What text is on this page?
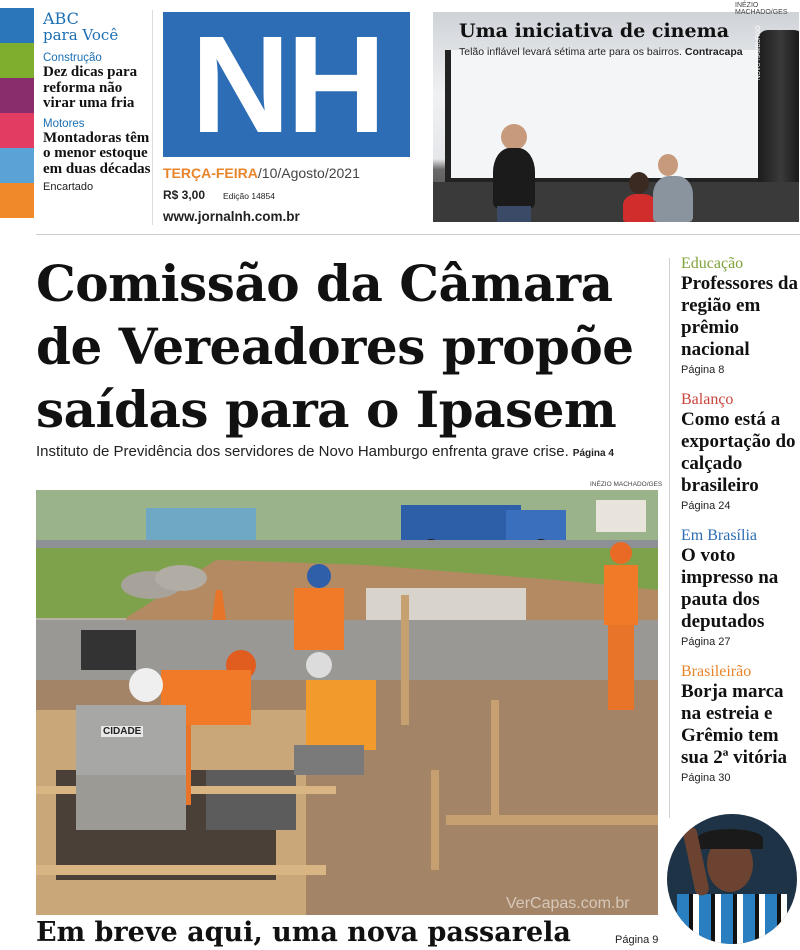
ABC
para Você
Construção
Dez dicas para reforma não virar uma fria
Motores
Montadoras têm o menor estoque em duas décadas
Encartado
NH
TERÇA-FEIRA/10/Agosto/2021
R$ 3,00 Edição 14854
www.jornalnh.com.br
NOVO HAMBURGO
Uma iniciativa de cinema
Telão inflável levará sétima arte para os bairros. Contracapa
INÉZIO MACHADO/GES
Comissão da Câmara de Vereadores propõe saídas para o Ipasem
Instituto de Previdência dos servidores de Novo Hamburgo enfrenta grave crise. Página 4
INÉZIO MACHADO/GES
CIDADE
VerCapas.com.br
Em breve aqui, uma nova passarela	Página 9
Educação
Professores da região em prêmio nacional
Página 8
Balanço
Como está a exportação do calçado brasileiro
Página 24
Em Brasília
O voto impresso na pauta dos deputados
Página 27
Brasileirão
Borja marca na estreia e Grêmio tem sua 2ª vitória
Página 30
